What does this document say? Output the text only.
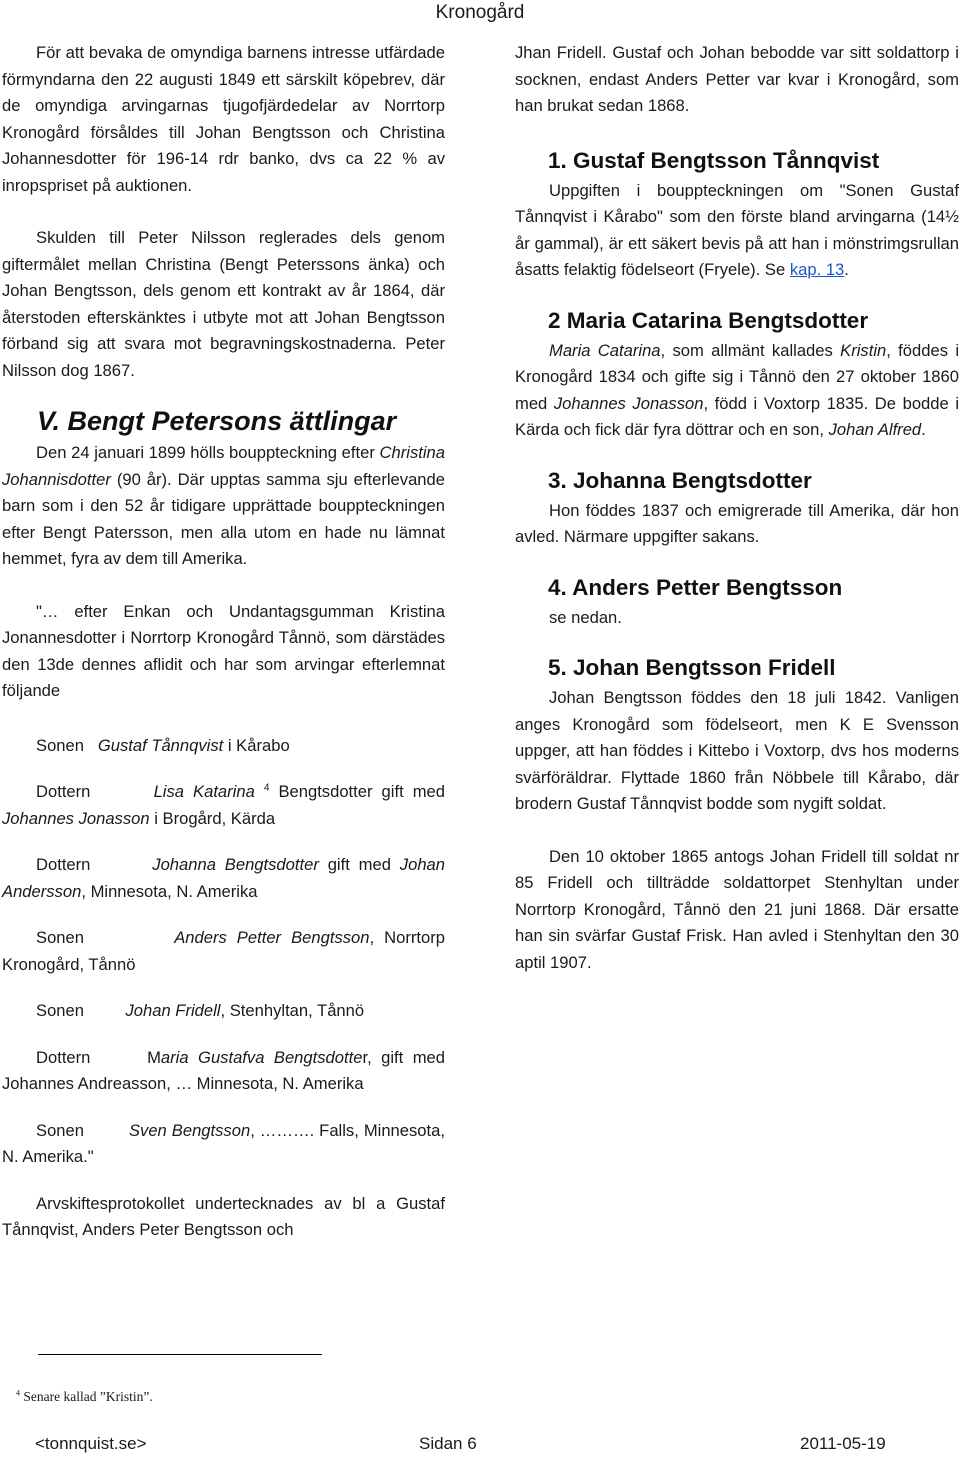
Kronogård

För att bevaka de omyndiga barnens intresse utfärdade förmyndarna den 22 augusti 1849 ett särskilt köpebrev, där de omyndiga arvingarnas tjugofjärdedelar av Norrtorp Kronogård försåldes till Johan Bengtsson och Christina Johannesdotter för 196-14 rdr banko, dvs ca 22 % av inropspriset på auktionen.

Skulden till Peter Nilsson reglerades dels genom giftermålet mellan Christina (Bengt Peterssons änka) och Johan Bengtsson, dels genom ett kontrakt av år 1864, där återstoden efterskänktes i utbyte mot att Johan Bengtsson förband sig att svara mot begravningskostnaderna. Peter Nilsson dog 1867.

V. Bengt Petersons ättlingar

Den 24 januari 1899 hölls bouppteckning efter Christina Johannisdotter (90 år). Där upptas samma sju efterlevande barn som i den 52 år tidigare upprättade bouppteckningen efter Bengt Patersson, men alla utom en hade nu lämnat hemmet, fyra av dem till Amerika.

"… efter Enkan och Undantagsgumman Kristina Jonannesdotter i Norrtorp Kronogård Tånnö, som därstädes den 13de dennes aflidit och har som arvingar efterlemnat följande

Sonen Gustaf Tånnqvist i Kårabo

Dottern	Lisa Katarina $^4$ Bengtsdotter gift med Johannes Jonasson i Brogård, Kärda

Dottern	Johanna Bengtsdotter gift med Johan Andersson, Minnesota, N. Amerika

Sonen	Anders Petter Bengtsson, Norrtorp Kronogård, Tånnö

Sonen	Johan Fridell, Stenhyltan, Tånnö

Dottern	Maria Gustafva Bengtsdotter, gift med Johannes Andreasson, … Minnesota, N. Amerika

Sonen	Sven Bengtsson, ………. Falls, Minnesota, N. Amerika."

Arvskiftesprotokollet undertecknades av bl a Gustaf Tånnqvist, Anders Peter Bengtsson och

Jhan Fridell. Gustaf och Johan bebodde var sitt soldattorp i socknen, endast Anders Petter var kvar i Kronogård, som han brukat sedan 1868.

1. Gustaf Bengtsson Tånnqvist

Uppgiften i bouppteckningen om "Sonen Gustaf Tånnqvist i Kårabo" som den förste bland arvingarna (14½ år gammal), är ett säkert bevis på att han i mönstrimgsrullan åsatts felaktig födelseort (Fryele). Se kap. 13.

2 Maria Catarina Bengtsdotter

Maria Catarina, som allmänt kallades Kristin, föddes i Kronogård 1834 och gifte sig i Tånnö den 27 oktober 1860 med Johannes Jonasson, född i Voxtorp 1835. De bodde i Kärda och fick där fyra döttrar och en son, Johan Alfred.

3. Johanna Bengtsdotter

Hon föddes 1837 och emigrerade till Amerika, där hon avled. Närmare uppgifter sakans.

4. Anders Petter Bengtsson

se nedan.

5. Johan Bengtsson Fridell

Johan Bengtsson föddes den 18 juli 1842. Vanligen anges Kronogård som födelseort, men K E Svensson uppger, att han föddes i Kittebo i Voxtorp, dvs hos moderns svärföräldrar. Flyttade 1860 från Nöbbele till Kårabo, där brodern Gustaf Tånnqvist bodde som nygift soldat.

Den 10 oktober 1865 antogs Johan Fridell till soldat nr 85 Fridell och tillträdde soldattorpet Stenhyltan under Norrtorp Kronogård, Tånnö den 21 juni 1868. Där ersatte han sin svärfar Gustaf Frisk. Han avled i Stenhyltan den 30 aptil 1907.

$^4$ Senare kallad ”Kristin”.
<tonnquist.se>	Sidan 6	2011-05-19
